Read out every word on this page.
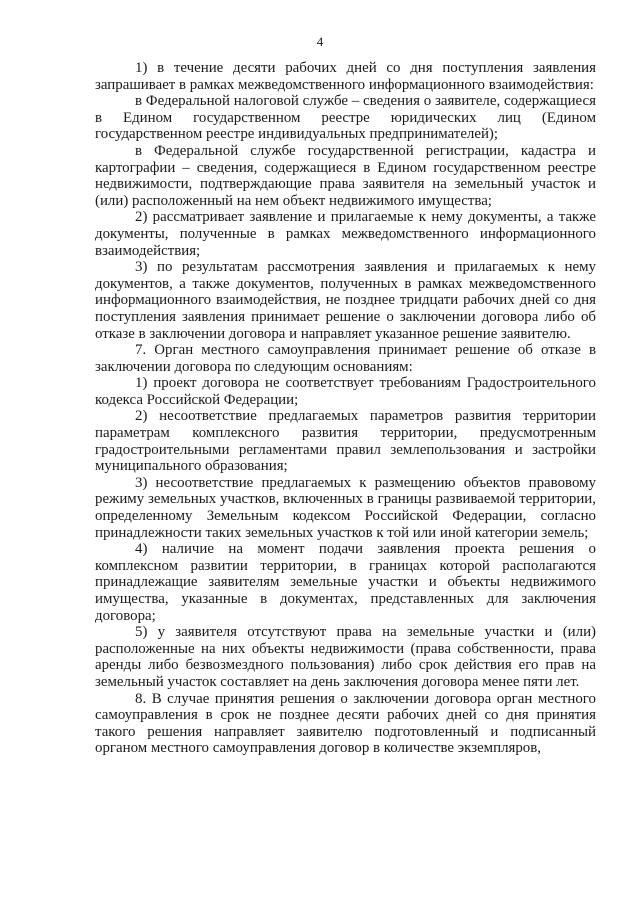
4

1) в течение десяти рабочих дней со дня поступления заявления запрашивает в рамках межведомственного информационного взаимодействия:

в Федеральной налоговой службе – сведения о заявителе, содержащиеся в Едином государственном реестре юридических лиц (Едином государственном реестре индивидуальных предпринимателей);

в Федеральной службе государственной регистрации, кадастра и картографии – сведения, содержащиеся в Едином государственном реестре недвижимости, подтверждающие права заявителя на земельный участок и (или) расположенный на нем объект недвижимого имущества;

2) рассматривает заявление и прилагаемые к нему документы, а также документы, полученные в рамках межведомственного информационного взаимодействия;

3) по результатам рассмотрения заявления и прилагаемых к нему документов, а также документов, полученных в рамках межведомственного информационного взаимодействия, не позднее тридцати рабочих дней со дня поступления заявления принимает решение о заключении договора либо об отказе в заключении договора и направляет указанное решение заявителю.

7. Орган местного самоуправления принимает решение об отказе в заключении договора по следующим основаниям:

1) проект договора не соответствует требованиям Градостроительного кодекса Российской Федерации;

2) несоответствие предлагаемых параметров развития территории параметрам комплексного развития территории, предусмотренным градостроительными регламентами правил землепользования и застройки муниципального образования;

3) несоответствие предлагаемых к размещению объектов правовому режиму земельных участков, включенных в границы развиваемой территории, определенному Земельным кодексом Российской Федерации, согласно принадлежности таких земельных участков к той или иной категории земель;

4) наличие на момент подачи заявления проекта решения о комплексном развитии территории, в границах которой располагаются принадлежащие заявителям земельные участки и объекты недвижимого имущества, указанные в документах, представленных для заключения договора;

5) у заявителя отсутствуют права на земельные участки и (или) расположенные на них объекты недвижимости (права собственности, права аренды либо безвозмездного пользования) либо срок действия его прав на земельный участок составляет на день заключения договора менее пяти лет.

8. В случае принятия решения о заключении договора орган местного самоуправления в срок не позднее десяти рабочих дней со дня принятия такого решения направляет заявителю подготовленный и подписанный органом местного самоуправления договор в количестве экземпляров,
